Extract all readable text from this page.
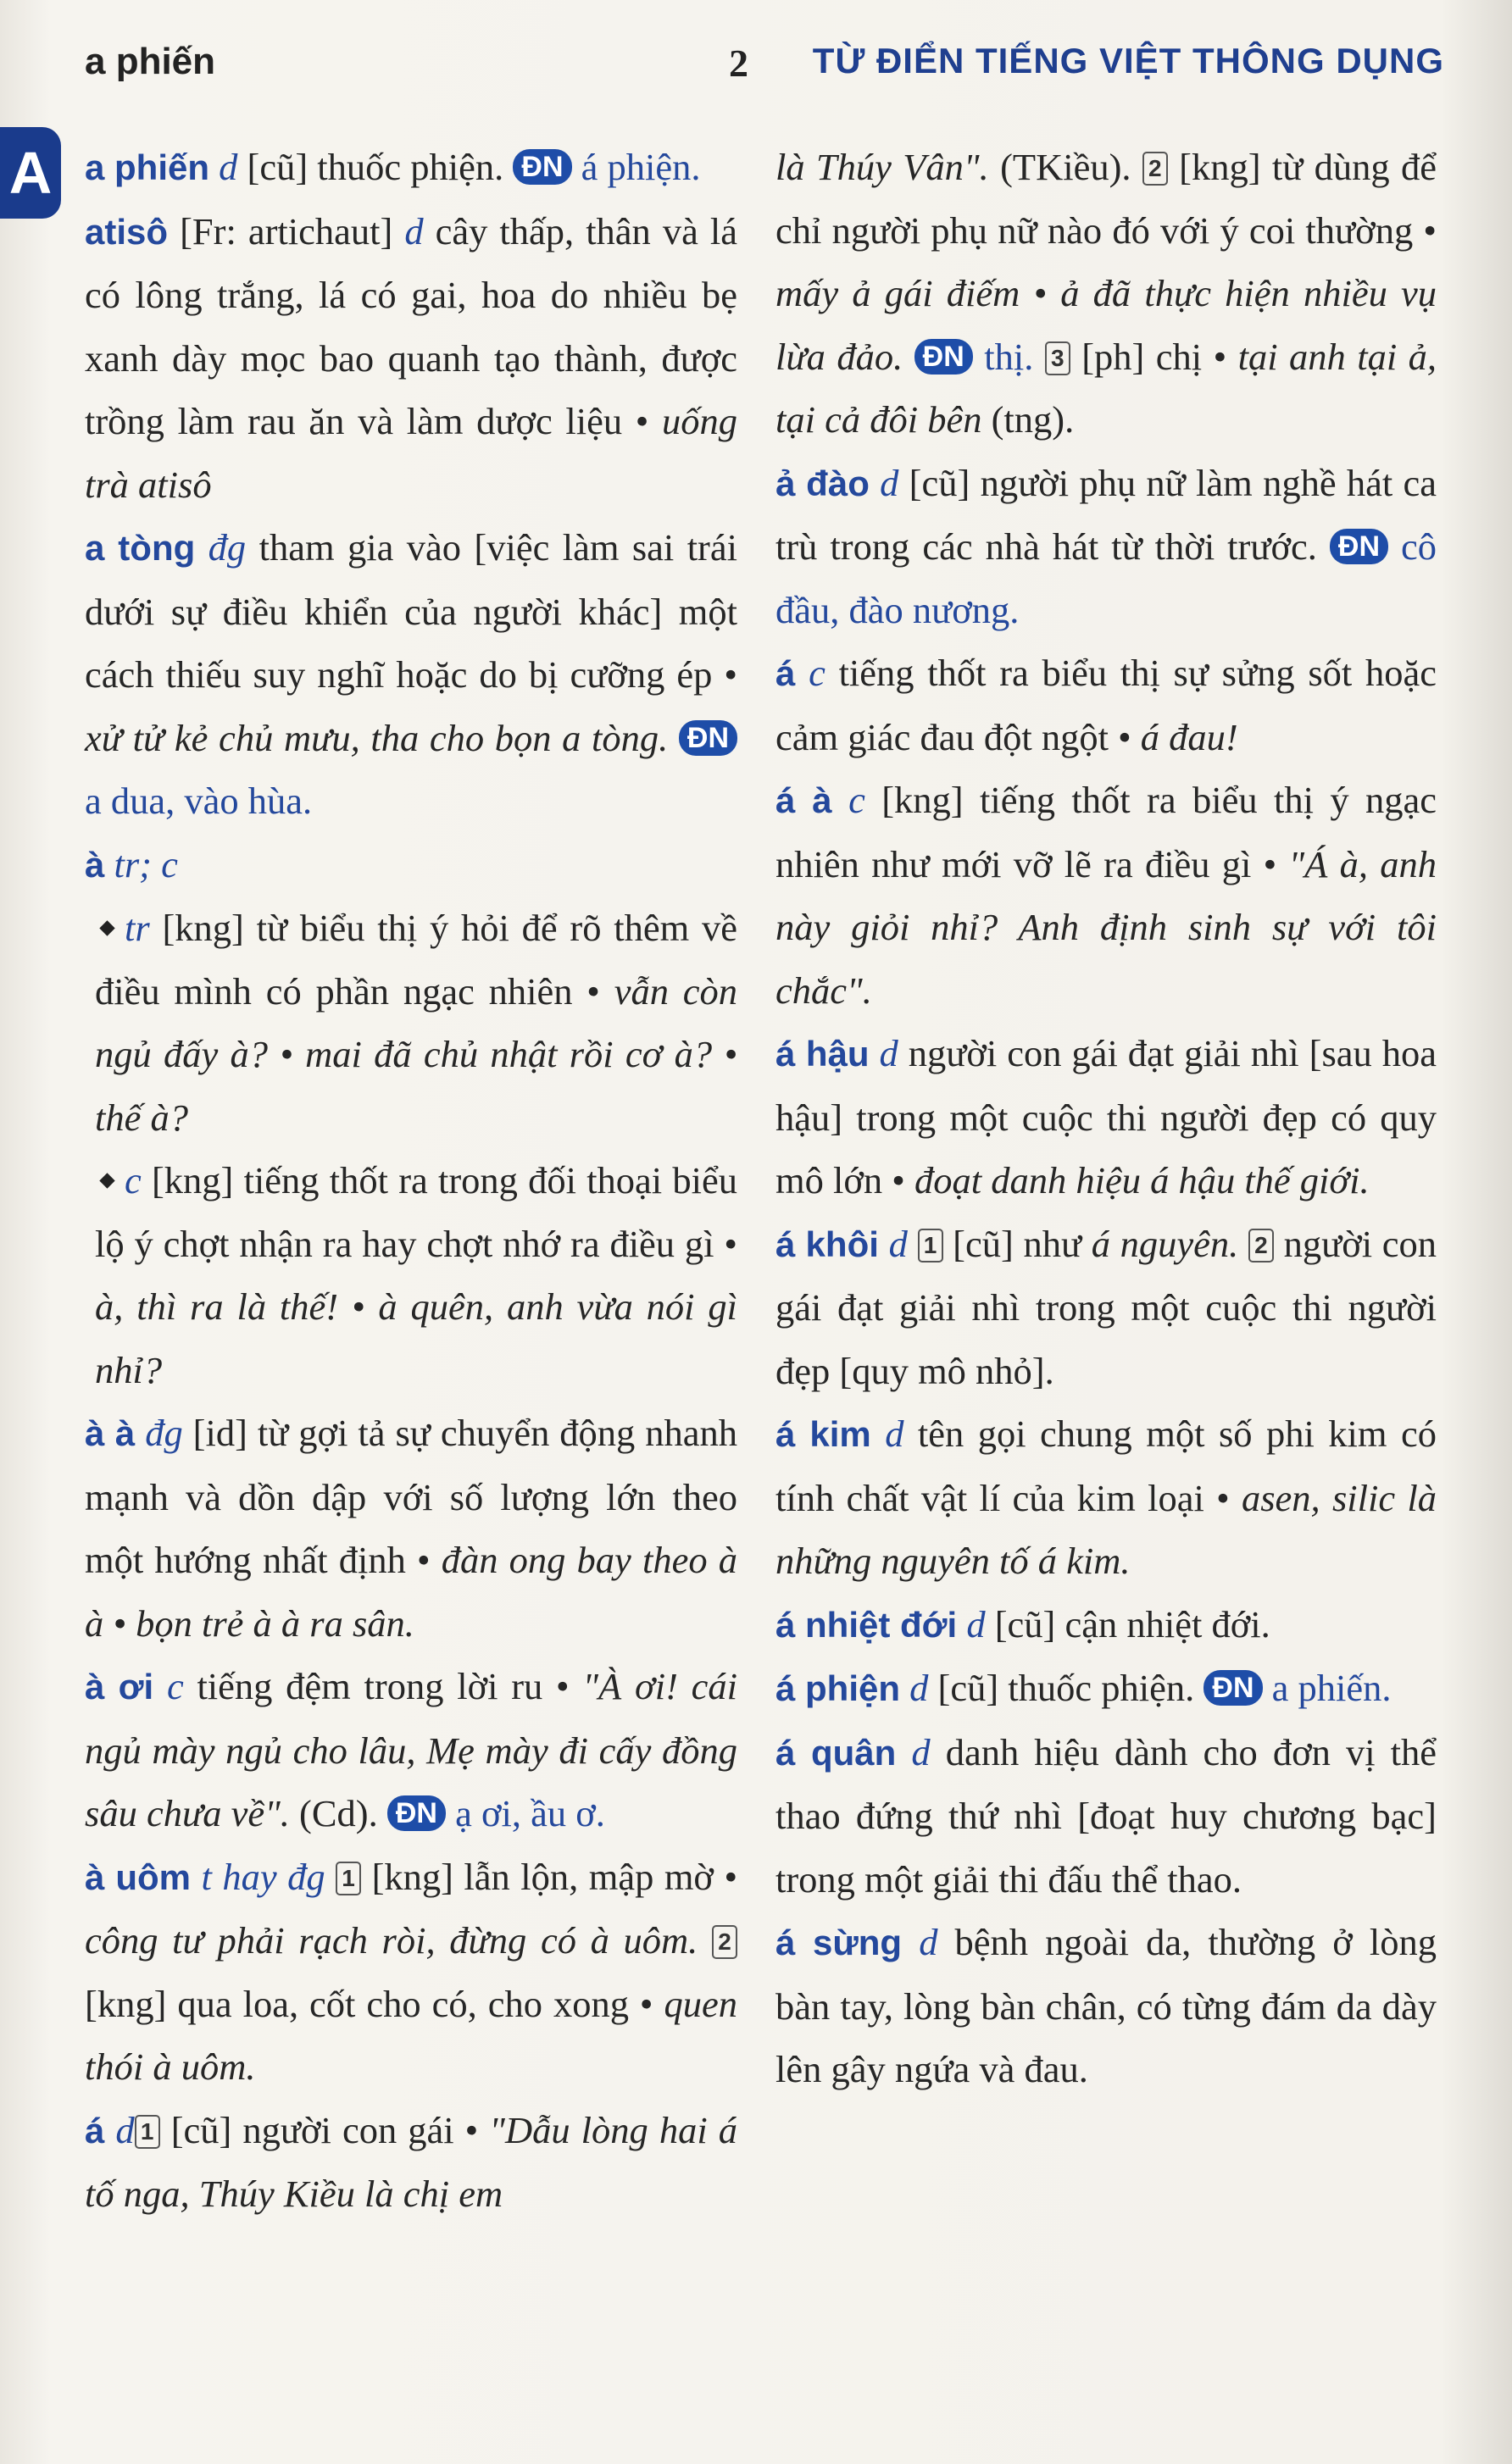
a phiến	2 TỪ ĐIỂN TIẾNG VIỆT THÔNG DỤNG
A a phiến d [cũ] thuốc phiện. ĐN á phiện.
atisô [Fr: artichaut] d cây thấp, thân và lá có lông trắng, lá có gai, hoa do nhiều bẹ xanh dày mọc bao quanh tạo thành, được trồng làm rau ăn và làm dược liệu • uống trà atisô
a tòng đg tham gia vào [việc làm sai trái dưới sự điều khiển của người khác] một cách thiếu suy nghĩ hoặc do bị cưỡng ép • xử tử kẻ chủ mưu, tha cho bọn a tòng. ĐN a dua, vào hùa.
à tr; c
tr [kng] từ biểu thị ý hỏi để rõ thêm về điều mình có phần ngạc nhiên • vẫn còn ngủ đấy à? • mai đã chủ nhật rồi cơ à? • thế à?
c [kng] tiếng thốt ra trong đối thoại biểu lộ ý chợt nhận ra hay chợt nhớ ra điều gì • à, thì ra là thế! • à quên, anh vừa nói gì nhỉ?
à à đg [id] từ gợi tả sự chuyển động nhanh mạnh và dồn dập với số lượng lớn theo một hướng nhất định • đàn ong bay theo à à • bọn trẻ à à ra sân.
à ơi c tiếng đệm trong lời ru • "À ơi! cái ngủ mày ngủ cho lâu, Mẹ mày đi cấy đồng sâu chưa về". (Cd). ĐN ạ ơi, ầu ơ.
à uôm t hay đg 1 [kng] lẫn lộn, mập mờ • công tư phải rạch ròi, đừng có à uôm. 2 [kng] qua loa, cốt cho có, cho xong • quen thói à uôm.
á d 1 [cũ] người con gái • "Dẫu lòng hai á tố nga, Thúy Kiều là chị em
là Thúy Vân". (TKiều). 2 [kng] từ dùng để chỉ người phụ nữ nào đó với ý coi thường • mấy ả gái điếm • ả đã thực hiện nhiều vụ lừa đảo. ĐN thị. 3 [ph] chị • tại anh tại ả, tại cả đôi bên (tng).
ả đào d [cũ] người phụ nữ làm nghề hát ca trù trong các nhà hát từ thời trước. ĐN cô đầu, đào nương.
á c tiếng thốt ra biểu thị sự sửng sốt hoặc cảm giác đau đột ngột • á đau!
á à c [kng] tiếng thốt ra biểu thị ý ngạc nhiên như mới vỡ lẽ ra điều gì • "Á à, anh này giỏi nhỉ? Anh định sinh sự với tôi chắc".
á hậu d người con gái đạt giải nhì [sau hoa hậu] trong một cuộc thi người đẹp có quy mô lớn • đoạt danh hiệu á hậu thế giới.
á khôi d 1 [cũ] như á nguyên. 2 người con gái đạt giải nhì trong một cuộc thi người đẹp [quy mô nhỏ].
á kim d tên gọi chung một số phi kim có tính chất vật lí của kim loại • asen, silic là những nguyên tố á kim.
á nhiệt đới d [cũ] cận nhiệt đới.
á phiện d [cũ] thuốc phiện. ĐN a phiến.
á quân d danh hiệu dành cho đơn vị thể thao đứng thứ nhì [đoạt huy chương bạc] trong một giải thi đấu thể thao.
á sừng d bệnh ngoài da, thường ở lòng bàn tay, lòng bàn chân, có từng đám da dày lên gây ngứa và đau.
